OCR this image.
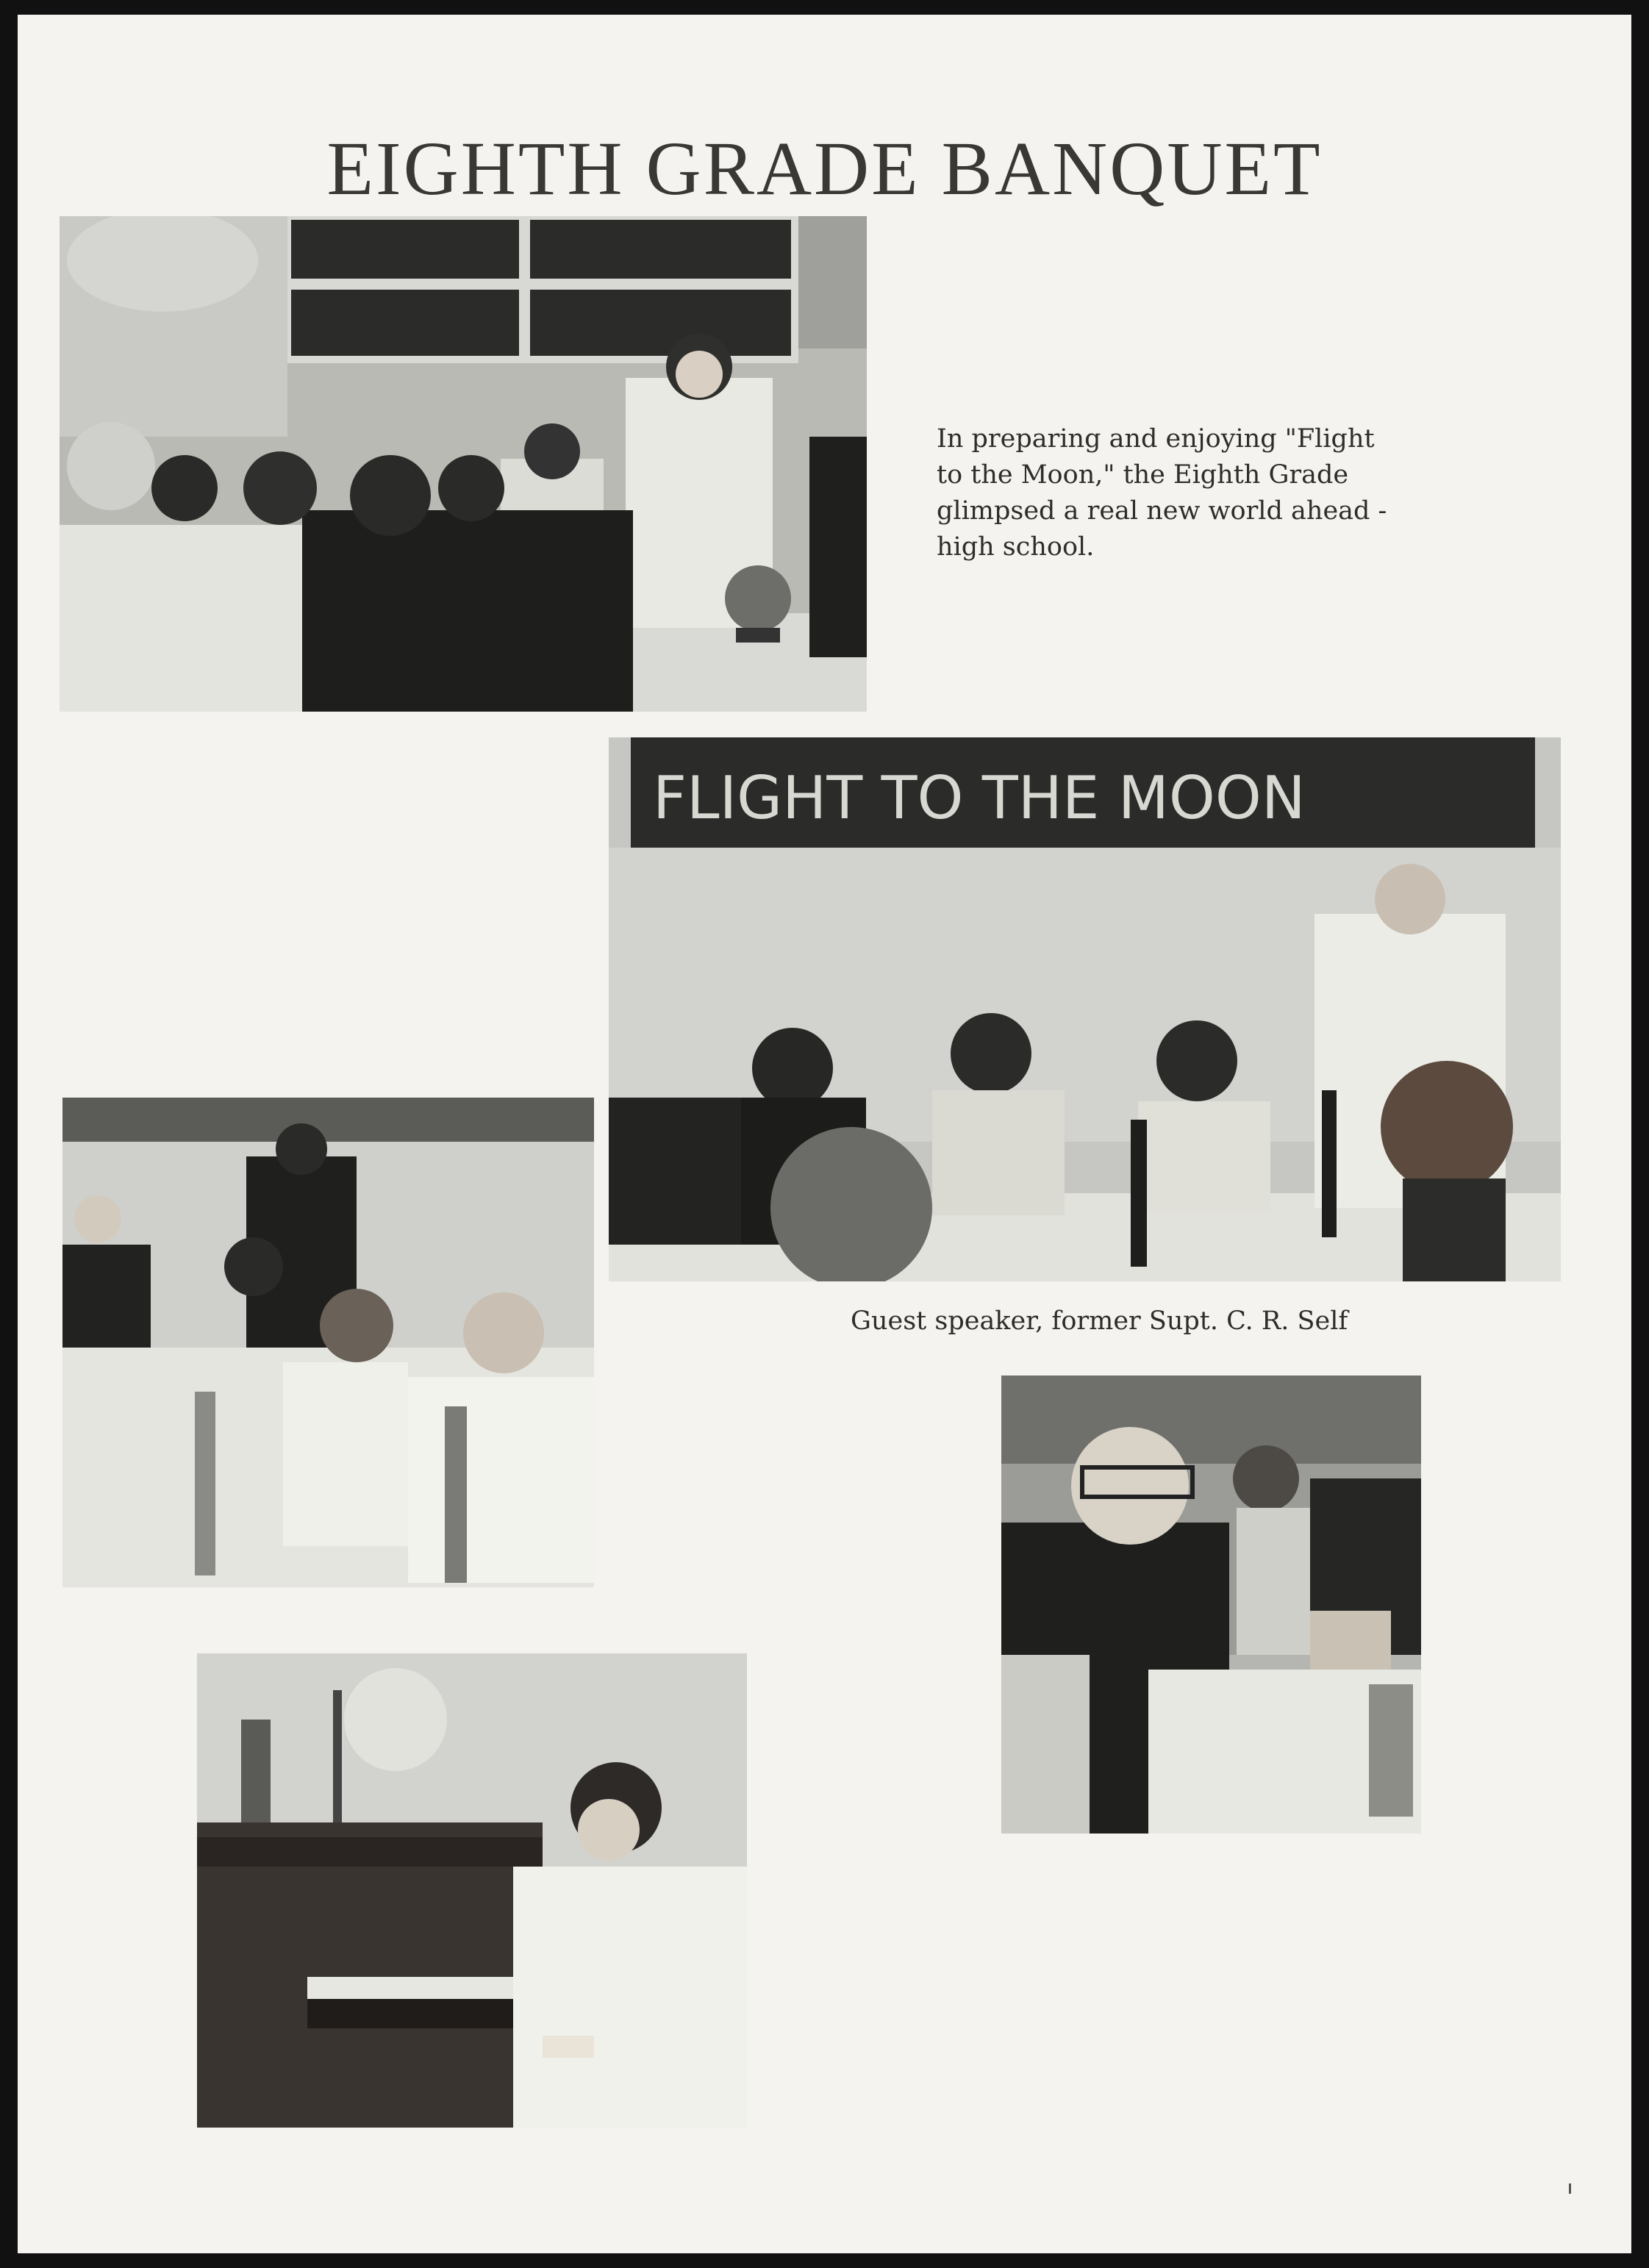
EIGHTH GRADE BANQUET
In preparing and enjoying "Flight to the Moon," the Eighth Grade glimpsed a real new world ahead - high school.
FLIGHT TO THE MOON
Guest speaker, former Supt. C. R. Self
